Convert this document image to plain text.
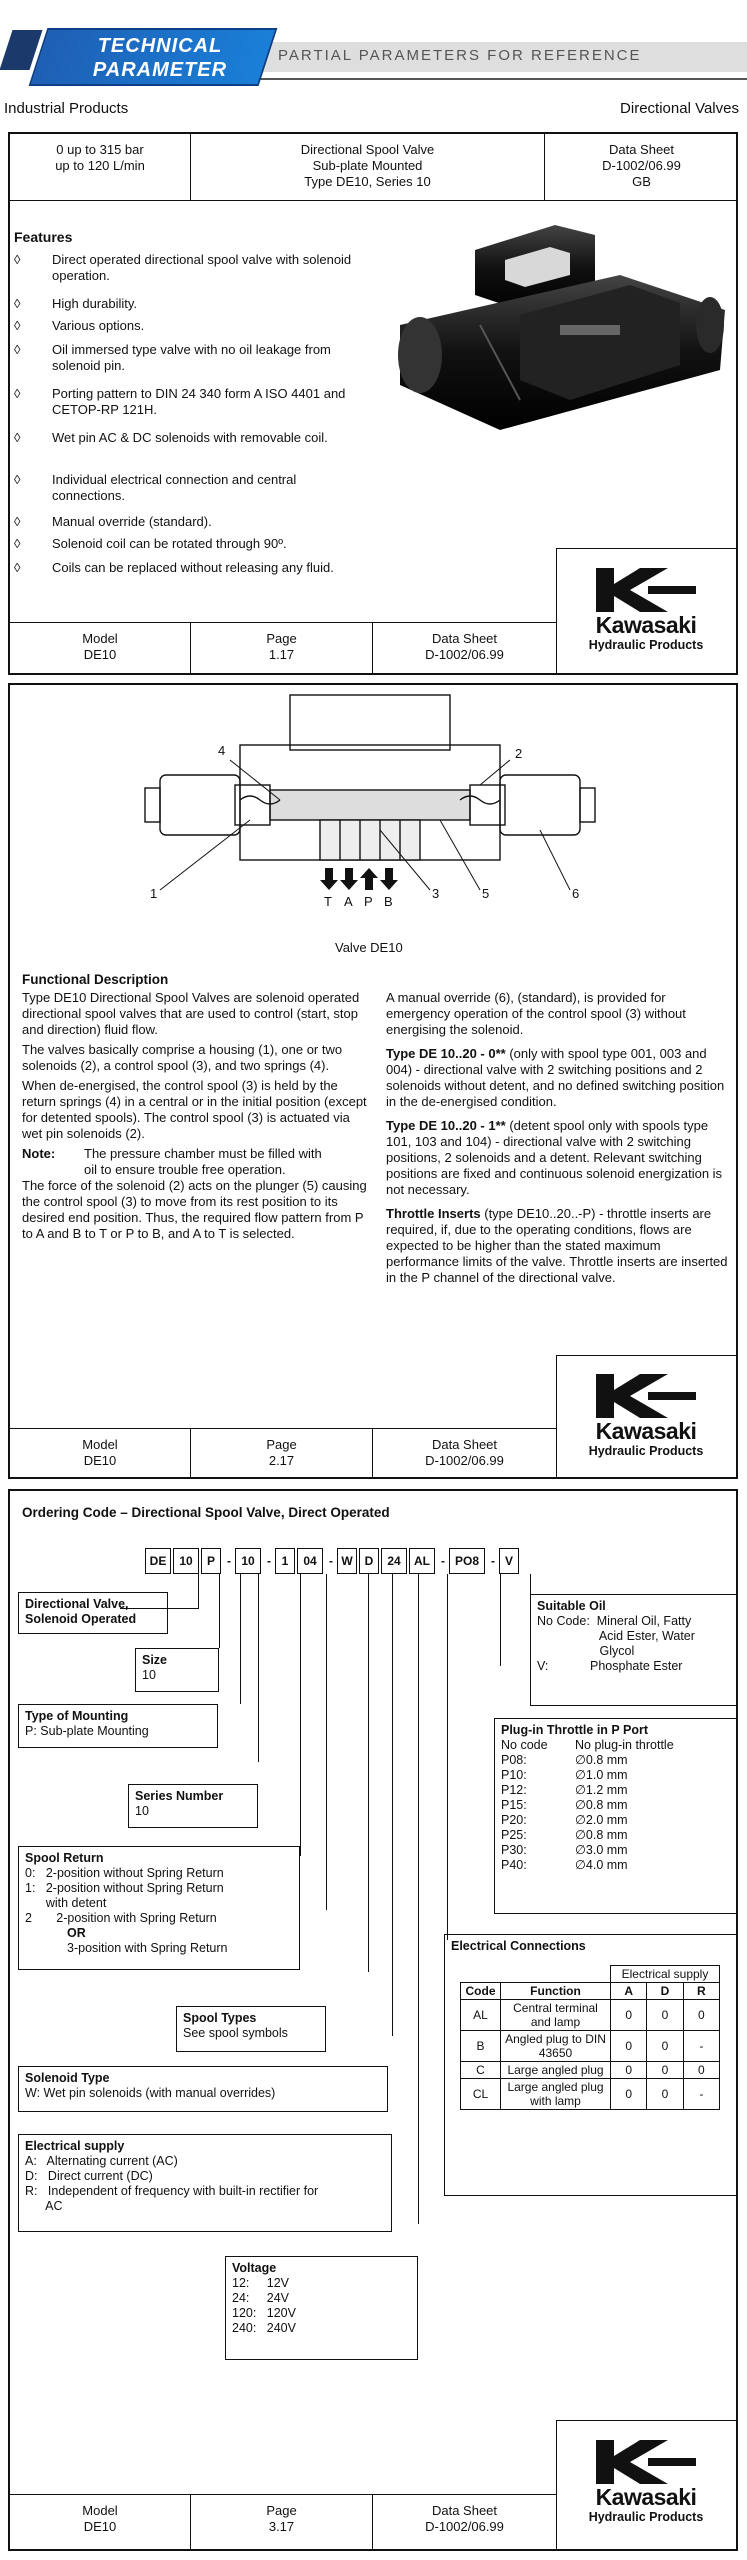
TECHNICAL
PARAMETER
PARTIAL PARAMETERS FOR REFERENCE
Industrial Products	Directional Valves
0 up to 315 bar
up to 120 L/min
Directional Spool Valve
Sub-plate Mounted
Type DE10, Series 10
Data Sheet
D-1002/06.99
GB
Features
◊	Direct operated directional spool valve with solenoid operation.
◊	High durability.
◊	Various options.
◊	Oil immersed type valve with no oil leakage from solenoid pin.
◊	Porting pattern to DIN 24 340 form A ISO 4401 and CETOP-RP 121H.
◊	Wet pin AC & DC solenoids with removable coil.
◊	Individual electrical connection and central connections.
◊	Manual override (standard).
◊	Solenoid coil can be rotated through 90º.
◊	Coils can be replaced without releasing any fluid.
Kawasaki
Hydraulic Products
Model
DE10
Page
1.17
Data Sheet
D-1002/06.99
1
4	2
3	5	6
T A P B
Valve DE10
Functional Description
Type DE10 Directional Spool Valves are solenoid operated directional spool valves that are used to control (start, stop and direction) fluid flow.
The valves basically comprise a housing (1), one or two solenoids (2), a control spool (3), and two springs (4).
When de-energised, the control spool (3) is held by the return springs (4) in a central or in the initial position (except for detented spools). The control spool (3) is actuated via wet pin solenoids (2).
Note: The pressure chamber must be filled with

oil to ensure trouble free operation.
The force of the solenoid (2) acts on the plunger (5) causing the control spool (3) to move from its rest position to its desired end position. Thus, the required flow pattern from P to A and B to T or P to B, and A to T is selected.
A manual override (6), (standard), is provided for emergency operation of the control spool (3) without energising the solenoid.
Type DE 10..20 - 0** (only with spool type 001, 003 and 004) - directional valve with 2 switching positions and 2 solenoids without detent, and no defined switching position in the de-energised condition.
Type DE 10..20 - 1** (detent spool only with spools type 101, 103 and 104) - directional valve with 2 switching positions, 2 solenoids and a detent. Relevant switching positions are fixed and continuous solenoid energization is not necessary.
Throttle Inserts (type DE10..20..-P) - throttle inserts are required, if, due to the operating conditions, flows are expected to be higher than the stated maximum performance limits of the valve. Throttle inserts are inserted in the P channel of the directional valve.
Kawasaki
Hydraulic Products
Model
DE10
Page
2.17
Data Sheet
D-1002/06.99
Ordering Code – Directional Spool Valve, Direct Operated
DE	10	P	- 10	- 1	04	- W	D	24	AL - PO8	- V
Directional Valve,
Solenoid Operated
Size
10
Type of Mounting
P: Sub-plate Mounting
Series Number
10
Spool Return
0:   2-position without Spring Return
1:   2-position without Spring Return
with detent
2       2-position with Spring Return
OR
3-position with Spring Return
Spool Types
See spool symbols
Solenoid Type
W: Wet pin solenoids (with manual overrides)
Electrical supply
A:   Alternating current (AC)
D:   Direct current (DC)
R:   Independent of frequency with built-in rectifier for
AC
Voltage
12:     12V
24:     24V
120:   120V
240:   240V
Suitable Oil
No Code:  Mineral Oil, Fatty
Acid Ester, Water
Glycol
V:            Phosphate Ester
Plug-in Throttle in P Port
No code No plug-in throttle
P08:	∅0.8 mm
P10:	∅1.0 mm
P12:	∅1.2 mm
P15:	∅0.8 mm
P20:	∅2.0 mm
P25:	∅0.8 mm
P30:	∅3.0 mm
P40:	∅4.0 mm
Electrical Connections
		Electrical supply		
Code	Function	A	D	R
AL	Central terminal and lamp	0	0	0
B	Angled plug to DIN 43650	0	0	-
C	Large angled plug	0	0	0
CL	Large angled plug with lamp	0	0	-
Kawasaki
Hydraulic Products
Model
DE10
Page
3.17
Data Sheet
D-1002/06.99
